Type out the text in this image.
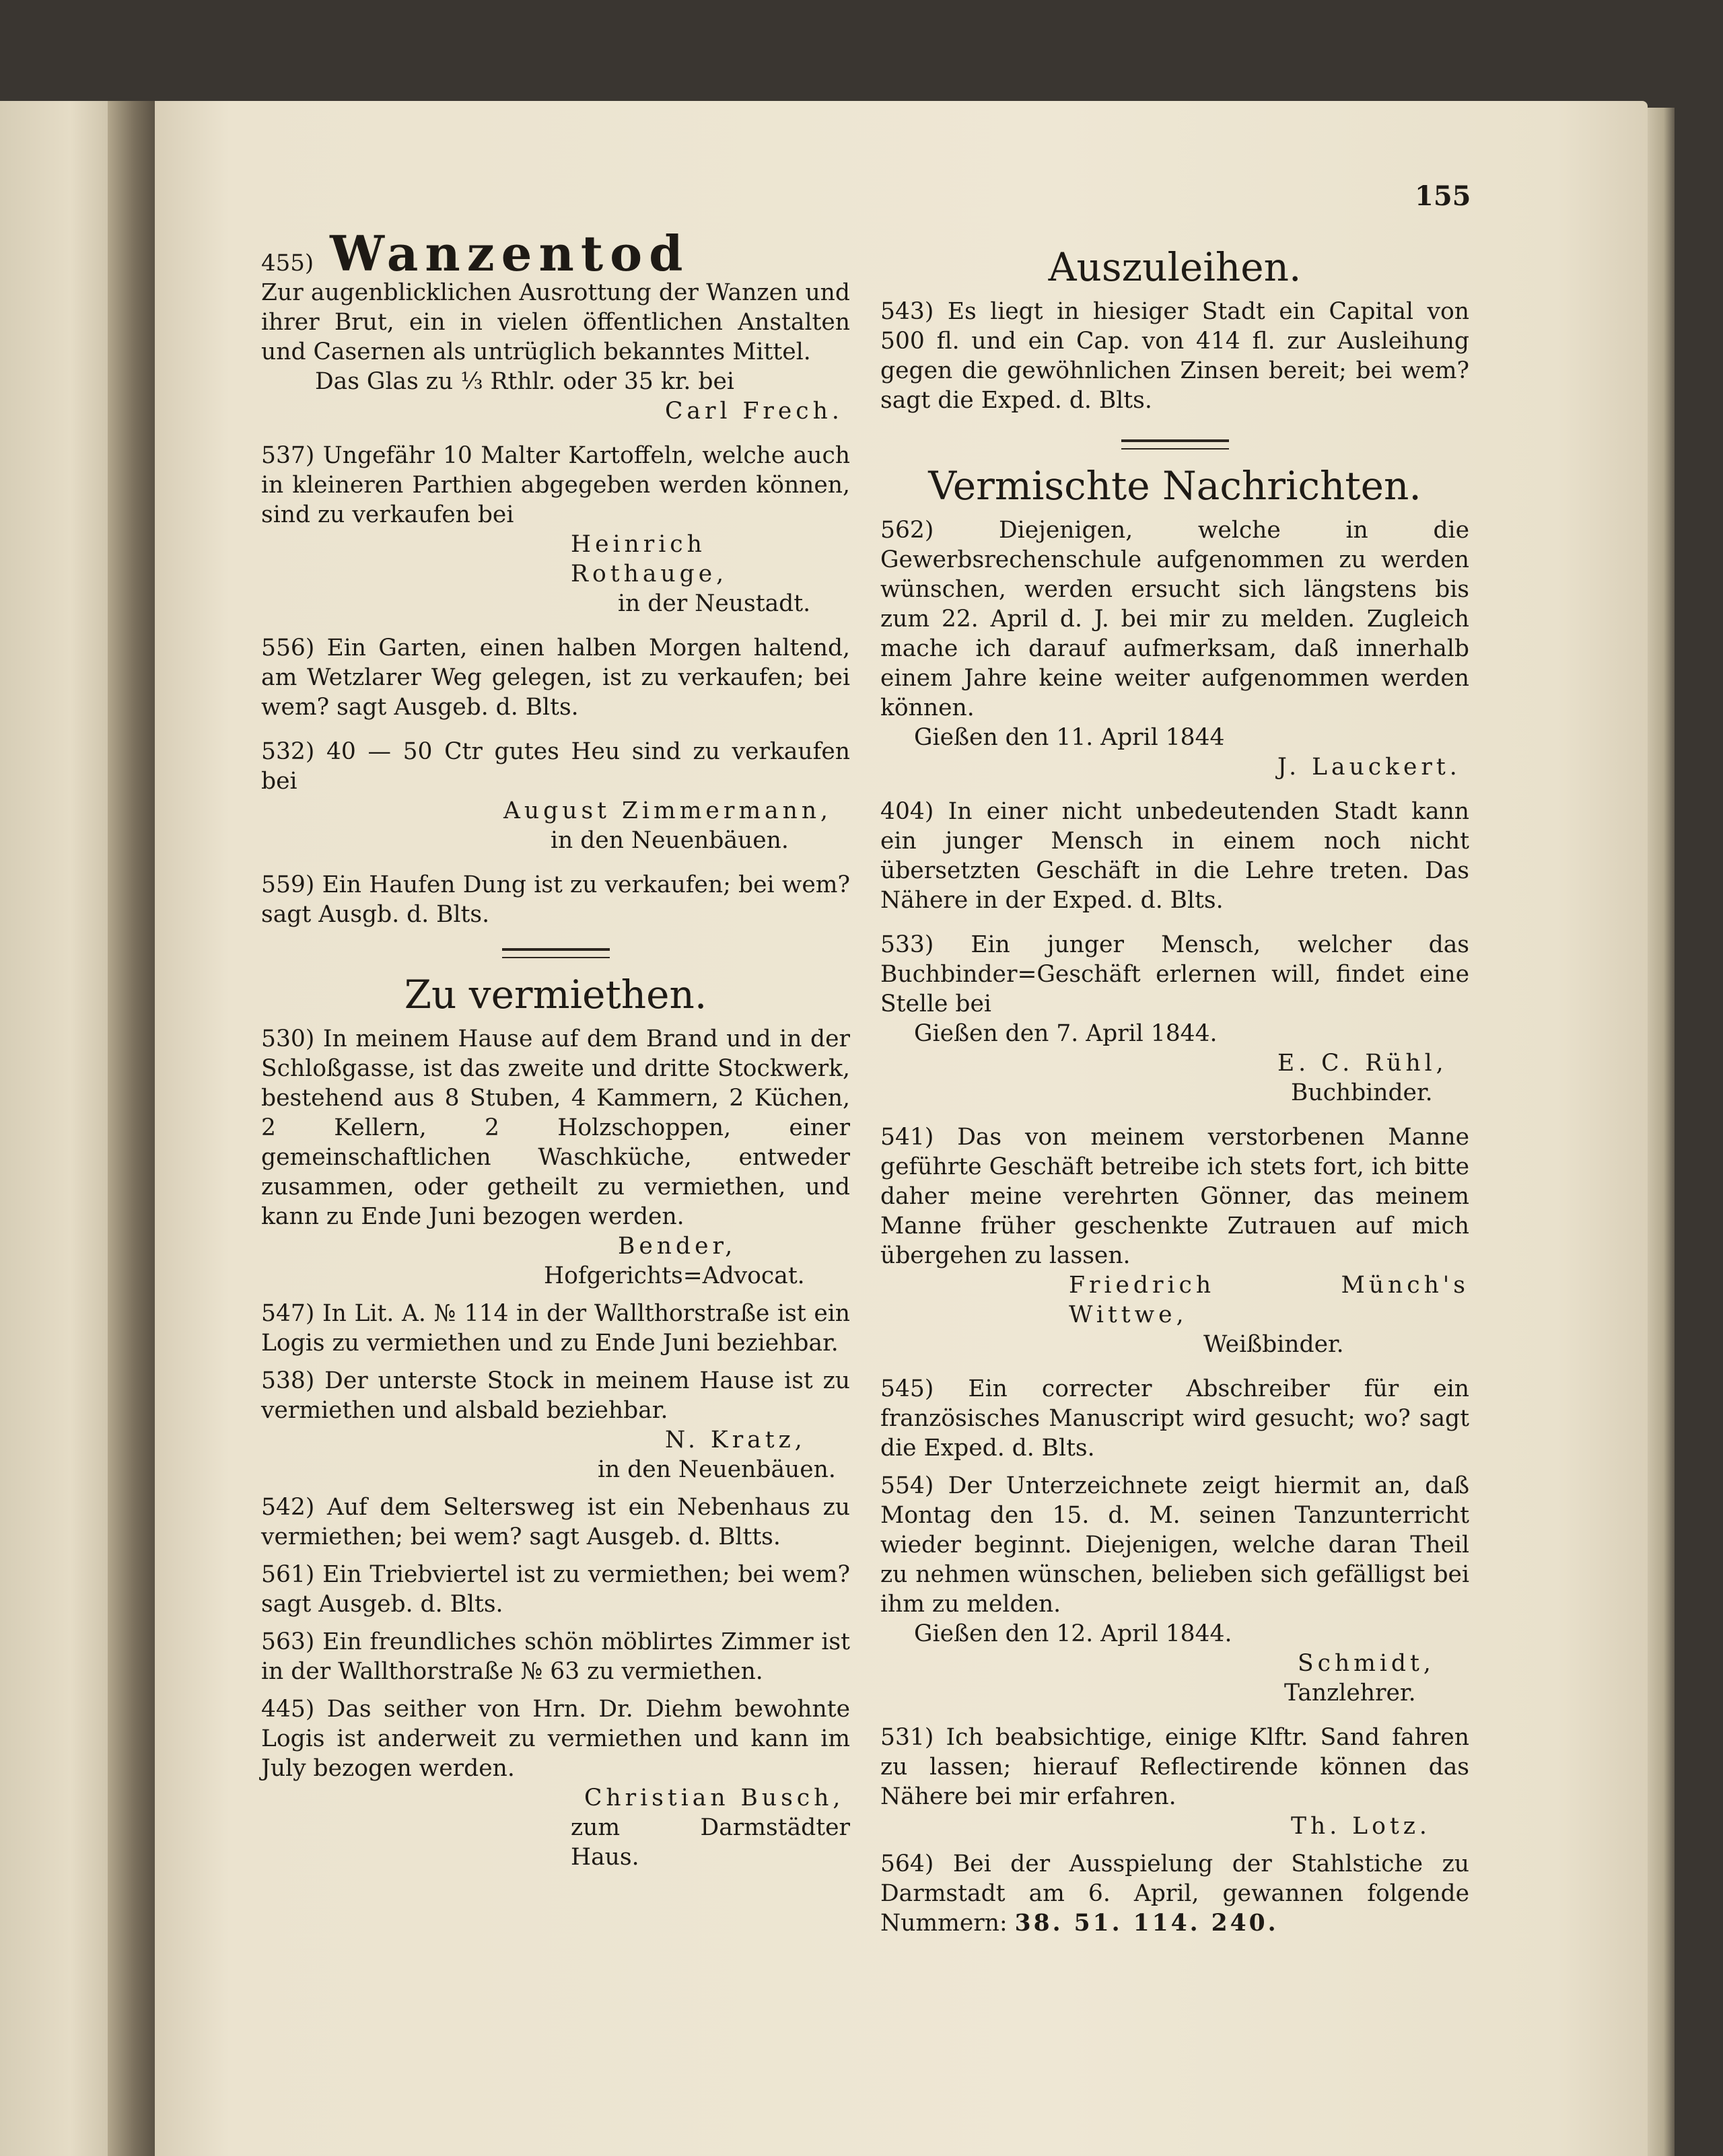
155
455) Wanzentod

Zur augenblicklichen Ausrottung der Wanzen und ihrer Brut, ein in vielen öffentlichen Anstalten und Casernen als untrüglich bekanntes Mittel.

Das Glas zu ⅓ Rthlr. oder 35 kr. bei

Carl Frech.

537) Ungefähr 10 Malter Kartoffeln, welche auch in kleineren Parthien abgegeben werden können, sind zu verkaufen bei

Heinrich Rothauge,

in der Neustadt.

556) Ein Garten, einen halben Morgen haltend, am Wetzlarer Weg gelegen, ist zu verkaufen; bei wem? sagt Ausgeb. d. Blts.

532) 40 — 50 Ctr gutes Heu sind zu verkaufen bei

August Zimmermann,

in den Neuenbäuen.

559) Ein Haufen Dung ist zu verkaufen; bei wem? sagt Ausgb. d. Blts.

Zu vermiethen.

530) In meinem Hause auf dem Brand und in der Schloßgasse, ist das zweite und dritte Stockwerk, bestehend aus 8 Stuben, 4 Kammern, 2 Küchen, 2 Kellern, 2 Holzschoppen, einer gemeinschaftlichen Waschküche, entweder zusammen, oder getheilt zu vermiethen, und kann zu Ende Juni bezogen werden.

Bender,

Hofgerichts=Advocat.

547) In Lit. A. № 114 in der Wallthorstraße ist ein Logis zu vermiethen und zu Ende Juni beziehbar.

538) Der unterste Stock in meinem Hause ist zu vermiethen und alsbald beziehbar.

N. Kratz,

in den Neuenbäuen.

542) Auf dem Seltersweg ist ein Nebenhaus zu vermiethen; bei wem? sagt Ausgeb. d. Bltts.

561) Ein Triebviertel ist zu vermiethen; bei wem? sagt Ausgeb. d. Blts.

563) Ein freundliches schön möblirtes Zimmer ist in der Wallthorstraße № 63 zu vermiethen.

445) Das seither von Hrn. Dr. Diehm bewohnte Logis ist anderweit zu vermiethen und kann im July bezogen werden.

Christian Busch,

zum Darmstädter Haus.

Auszuleihen.

543) Es liegt in hiesiger Stadt ein Capital von 500 fl. und ein Cap. von 414 fl. zur Ausleihung gegen die gewöhnlichen Zinsen bereit; bei wem? sagt die Exped. d. Blts.

Vermischte Nachrichten.

562)	Diejenigen, welche in die Gewerbsrechenschule aufgenommen zu werden wünschen, werden ersucht sich längstens bis zum 22. April d. J. bei mir zu melden. Zugleich mache ich darauf aufmerksam, daß innerhalb einem Jahre keine weiter aufgenommen werden können.

Gießen den 11. April 1844

J. Lauckert.

404) In einer nicht unbedeutenden Stadt kann ein junger Mensch in einem noch nicht übersetzten Geschäft in die Lehre treten. Das Nähere in der Exped. d. Blts.

533) Ein junger Mensch, welcher das Buchbinder=Geschäft erlernen will, findet eine Stelle bei

Gießen den 7. April 1844.

E. C. Rühl,

Buchbinder.

541) Das von meinem verstorbenen Manne geführte Geschäft betreibe ich stets fort, ich bitte daher meine verehrten Gönner, das meinem Manne früher geschenkte Zutrauen auf mich übergehen zu lassen.

Friedrich Münch's Wittwe,

Weißbinder.

545) Ein correcter Abschreiber für ein französisches Manuscript wird gesucht; wo? sagt die Exped. d. Blts.

554) Der Unterzeichnete zeigt hiermit an, daß Montag den 15. d. M. seinen Tanzunterricht wieder beginnt. Diejenigen, welche daran Theil zu nehmen wünschen, belieben sich gefälligst bei ihm zu melden.

Gießen den 12. April 1844.

Schmidt,

Tanzlehrer.

531) Ich beabsichtige, einige Klftr. Sand fahren zu lassen; hierauf Reflectirende können das Nähere bei mir erfahren.

Th. Lotz.

564) Bei der Ausspielung der Stahlstiche zu Darmstadt am 6. April, gewannen folgende Nummern: 38. 51. 114. 240.
